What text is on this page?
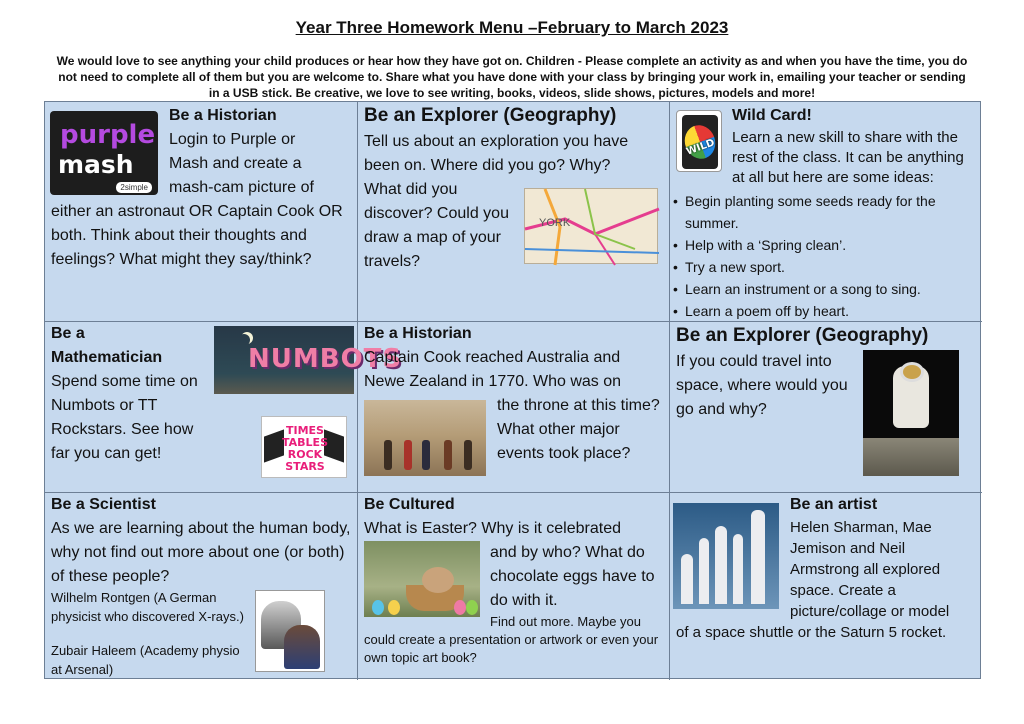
Year Three Homework Menu –February to March 2023
We would love to see anything your child produces or hear how they have got on. Children - Please complete an activity as and when you have the time, you do not need to complete all of them but you are welcome to. Share what you have done with your class by bringing your work in, emailing your teacher or sending in a USB stick. Be creative, we love to see writing, books, videos, slide shows, pictures, models and more!
purple
mash
2simple
Be a Historian
Login to Purple or
Mash and create a
mash-cam picture of
either an astronaut OR Captain Cook OR both. Think about their thoughts and feelings? What might they say/think?
Be an Explorer (Geography)
Tell us about an exploration you have been on. Where did you go? Why?
What did you discover? Could you draw a map of your travels?
YORK
WILD
Wild Card!
Learn a new skill to share with the rest of the class. It can be anything at all but here are some ideas:
• Begin planting some seeds ready for the summer.
• Help with a ‘Spring clean’.
• Try a new sport.
• Learn an instrument or a song to sing.
• Learn a poem off by heart.
Be a
Mathematician
Spend some time on Numbots or TT Rockstars. See how far you can get!
NUMBOTS
TIMES TABLES ROCK STARS
Be a Historian
Captain Cook reached Australia and Newe Zealand in 1770. Who was on
the throne at this time? What other major events took place?
Be an Explorer (Geography)
If you could travel into space, where would you go and why?
Be a Scientist
As we are learning about the human body, why not find out more about one (or both) of these people?
Wilhelm Rontgen (A German physicist who discovered X-rays.)
Zubair Haleem (Academy physio at Arsenal)
Be Cultured
What is Easter? Why is it celebrated
and by who? What do chocolate eggs have to do with it.
Find out more. Maybe you
could create a presentation or artwork or even your own topic art book?
Be an artist
Helen Sharman, Mae Jemison and Neil Armstrong all explored space. Create a picture/collage or model
of a space shuttle or the Saturn 5 rocket.
